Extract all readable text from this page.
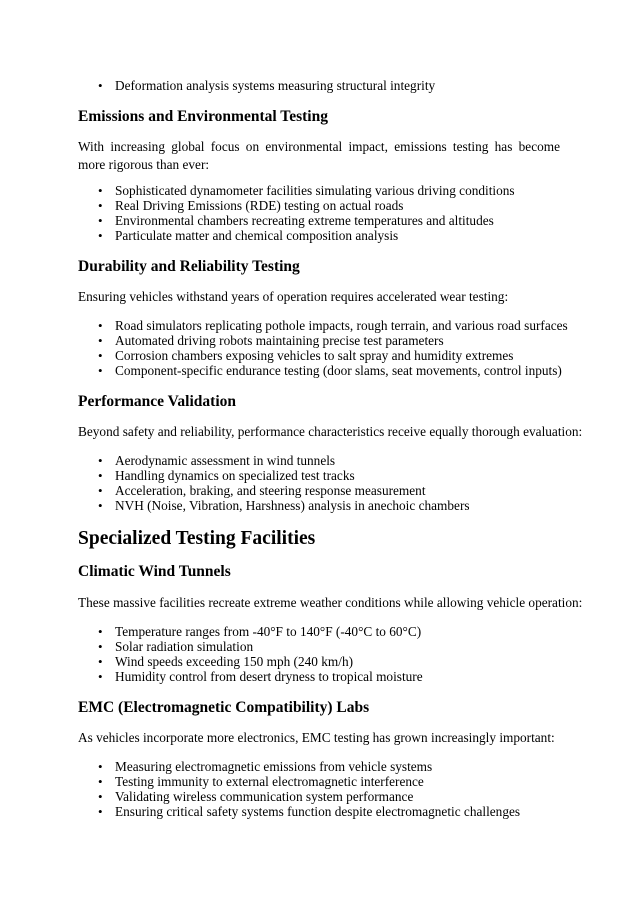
• Deformation analysis systems measuring structural integrity
Emissions and Environmental Testing

With increasing global focus on environmental impact, emissions testing has become more rigorous than ever:

• Sophisticated dynamometer facilities simulating various driving conditions
• Real Driving Emissions (RDE) testing on actual roads
• Environmental chambers recreating extreme temperatures and altitudes
• Particulate matter and chemical composition analysis
Durability and Reliability Testing

Ensuring vehicles withstand years of operation requires accelerated wear testing:

• Road simulators replicating pothole impacts, rough terrain, and various road surfaces
• Automated driving robots maintaining precise test parameters
• Corrosion chambers exposing vehicles to salt spray and humidity extremes
• Component-specific endurance testing (door slams, seat movements, control inputs)
Performance Validation

Beyond safety and reliability, performance characteristics receive equally thorough evaluation:

• Aerodynamic assessment in wind tunnels
• Handling dynamics on specialized test tracks
• Acceleration, braking, and steering response measurement
• NVH (Noise, Vibration, Harshness) analysis in anechoic chambers
Specialized Testing Facilities
Climatic Wind Tunnels

These massive facilities recreate extreme weather conditions while allowing vehicle operation:

• Temperature ranges from -40°F to 140°F (-40°C to 60°C)
• Solar radiation simulation
• Wind speeds exceeding 150 mph (240 km/h)
• Humidity control from desert dryness to tropical moisture
EMC (Electromagnetic Compatibility) Labs

As vehicles incorporate more electronics, EMC testing has grown increasingly important:

• Measuring electromagnetic emissions from vehicle systems
• Testing immunity to external electromagnetic interference
• Validating wireless communication system performance
• Ensuring critical safety systems function despite electromagnetic challenges
